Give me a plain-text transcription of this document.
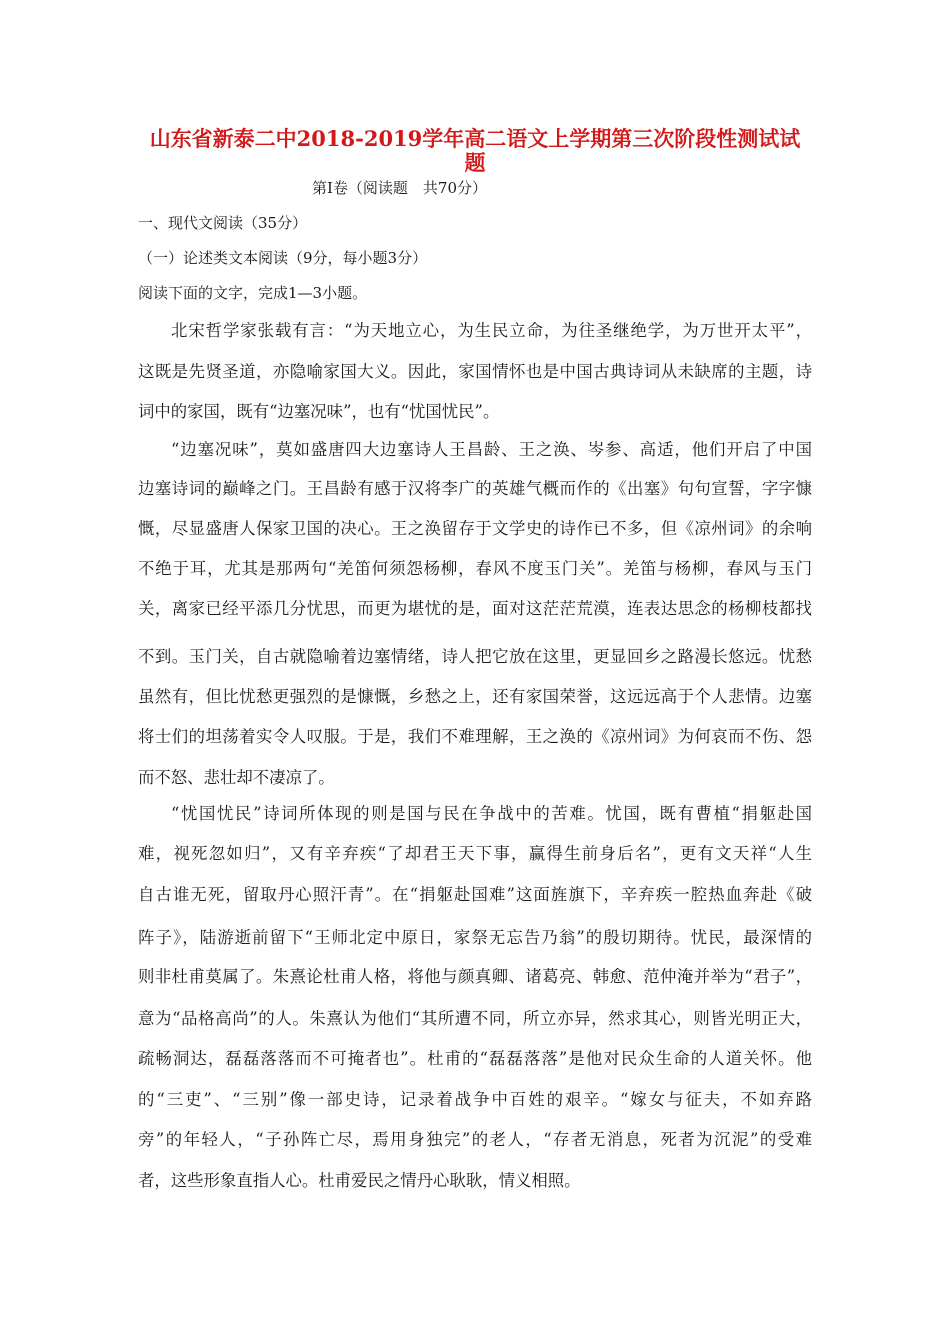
山东省新泰二中2018-2019学年高二语文上学期第三次阶段性测试试
题
第Ⅰ卷（阅读题　共70分）
一、现代文阅读（35分）
（一）论述类文本阅读（9分，每小题3分）
阅读下面的文字，完成1—3小题。
北宋哲学家张载有言：“为天地立心，为生民立命，为往圣继绝学，为万世开太平”，
这既是先贤圣道，亦隐喻家国大义。因此，家国情怀也是中国古典诗词从未缺席的主题，诗
词中的家国，既有“边塞况味”，也有“忧国忧民”。
“边塞况味”，莫如盛唐四大边塞诗人王昌龄、王之涣、岑参、高适，他们开启了中国
边塞诗词的巅峰之门。王昌龄有感于汉将李广的英雄气概而作的《出塞》句句宣誓，字字慷
慨，尽显盛唐人保家卫国的决心。王之涣留存于文学史的诗作已不多，但《凉州词》的余响
不绝于耳，尤其是那两句“羌笛何须怨杨柳，春风不度玉门关”。羌笛与杨柳，春风与玉门
关，离家已经平添几分忧思，而更为堪忧的是，面对这茫茫荒漠，连表达思念的杨柳枝都找
不到。玉门关，自古就隐喻着边塞情绪，诗人把它放在这里，更显回乡之路漫长悠远。忧愁
虽然有，但比忧愁更强烈的是慷慨，乡愁之上，还有家国荣誉，这远远高于个人悲情。边塞
将士们的坦荡着实令人叹服。于是，我们不难理解，王之涣的《凉州词》为何哀而不伤、怨
而不怒、悲壮却不凄凉了。
“忧国忧民”诗词所体现的则是国与民在争战中的苦难。忧国，既有曹植“捐躯赴国
难，视死忽如归”，又有辛弃疾“了却君王天下事，赢得生前身后名”，更有文天祥“人生
自古谁无死，留取丹心照汗青”。在“捐躯赴国难”这面旌旗下，辛弃疾一腔热血奔赴《破
阵子》，陆游逝前留下“王师北定中原日，家祭无忘告乃翁”的殷切期待。忧民，最深情的
则非杜甫莫属了。朱熹论杜甫人格，将他与颜真卿、诸葛亮、韩愈、范仲淹并举为“君子”，
意为“品格高尚”的人。朱熹认为他们“其所遭不同，所立亦异，然求其心，则皆光明正大，
疏畅洞达，磊磊落落而不可掩者也”。杜甫的“磊磊落落”是他对民众生命的人道关怀。他
的“三吏”、“三别”像一部史诗，记录着战争中百姓的艰辛。“嫁女与征夫，不如弃路
旁”的年轻人，“子孙阵亡尽，焉用身独完”的老人，“存者无消息，死者为沉泥”的受难
者，这些形象直指人心。杜甫爱民之情丹心耿耿，情义相照。
